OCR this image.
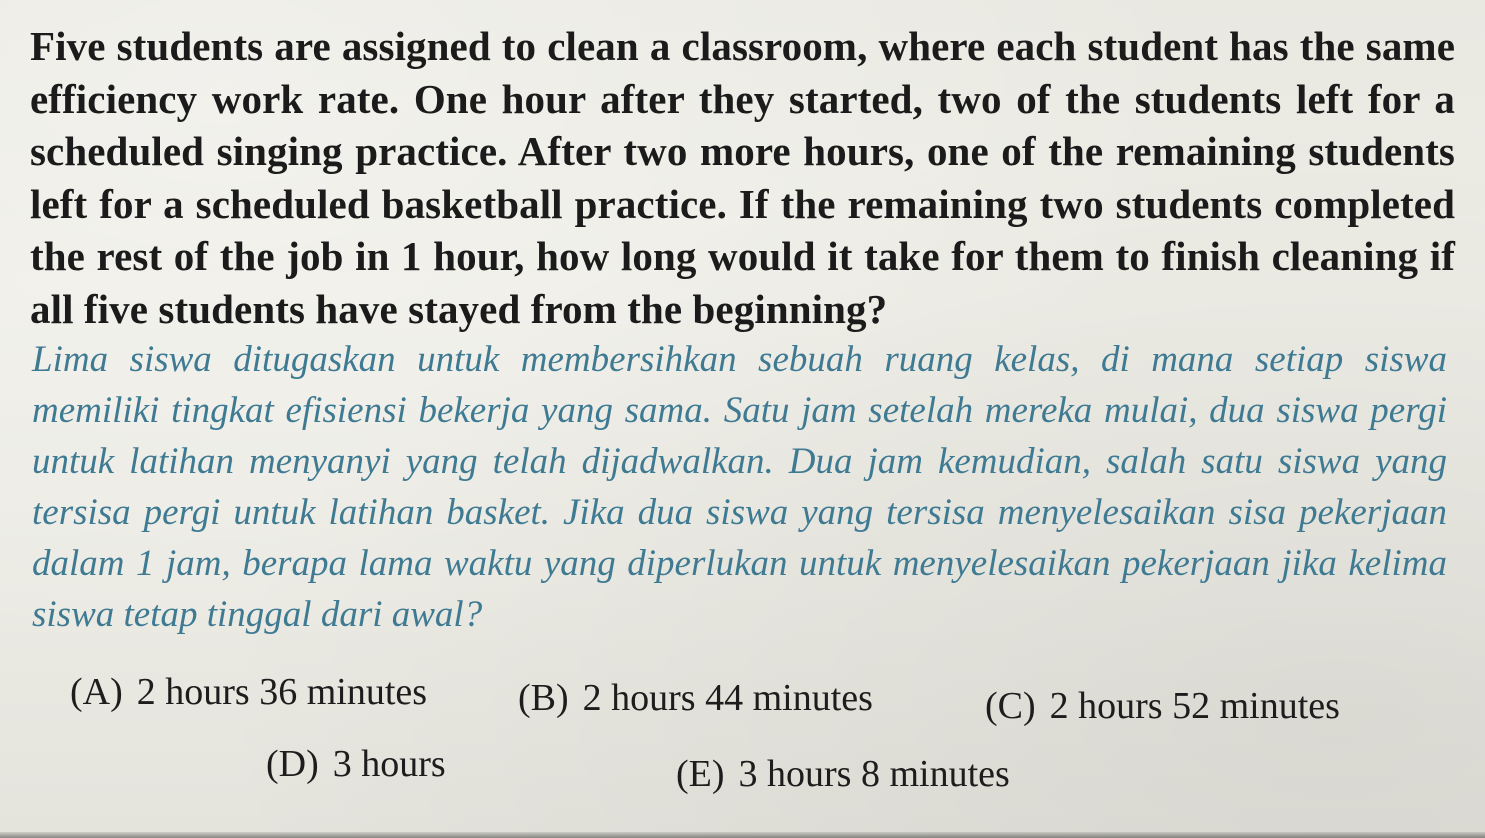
Five students are assigned to clean a classroom, where each student has the same efficiency work rate. One hour after they started, two of the students left for a scheduled singing practice. After two more hours, one of the remaining students left for a scheduled basketball practice. If the remaining two students completed the rest of the job in 1 hour, how long would it take for them to finish cleaning if all five students have stayed from the beginning?
Lima siswa ditugaskan untuk membersihkan sebuah ruang kelas, di mana setiap siswa memiliki tingkat efisiensi bekerja yang sama. Satu jam setelah mereka mulai, dua siswa pergi untuk latihan menyanyi yang telah dijadwalkan. Dua jam kemudian, salah satu siswa yang tersisa pergi untuk latihan basket. Jika dua siswa yang tersisa menyelesaikan sisa pekerjaan dalam 1 jam, berapa lama waktu yang diperlukan untuk menyelesaikan pekerjaan jika kelima siswa tetap tinggal dari awal?
(A) 2 hours 36 minutes (B) 2 hours 44 minutes	(C) 2 hours 52 minutes
(D) 3 hours	(E) 3 hours 8 minutes
